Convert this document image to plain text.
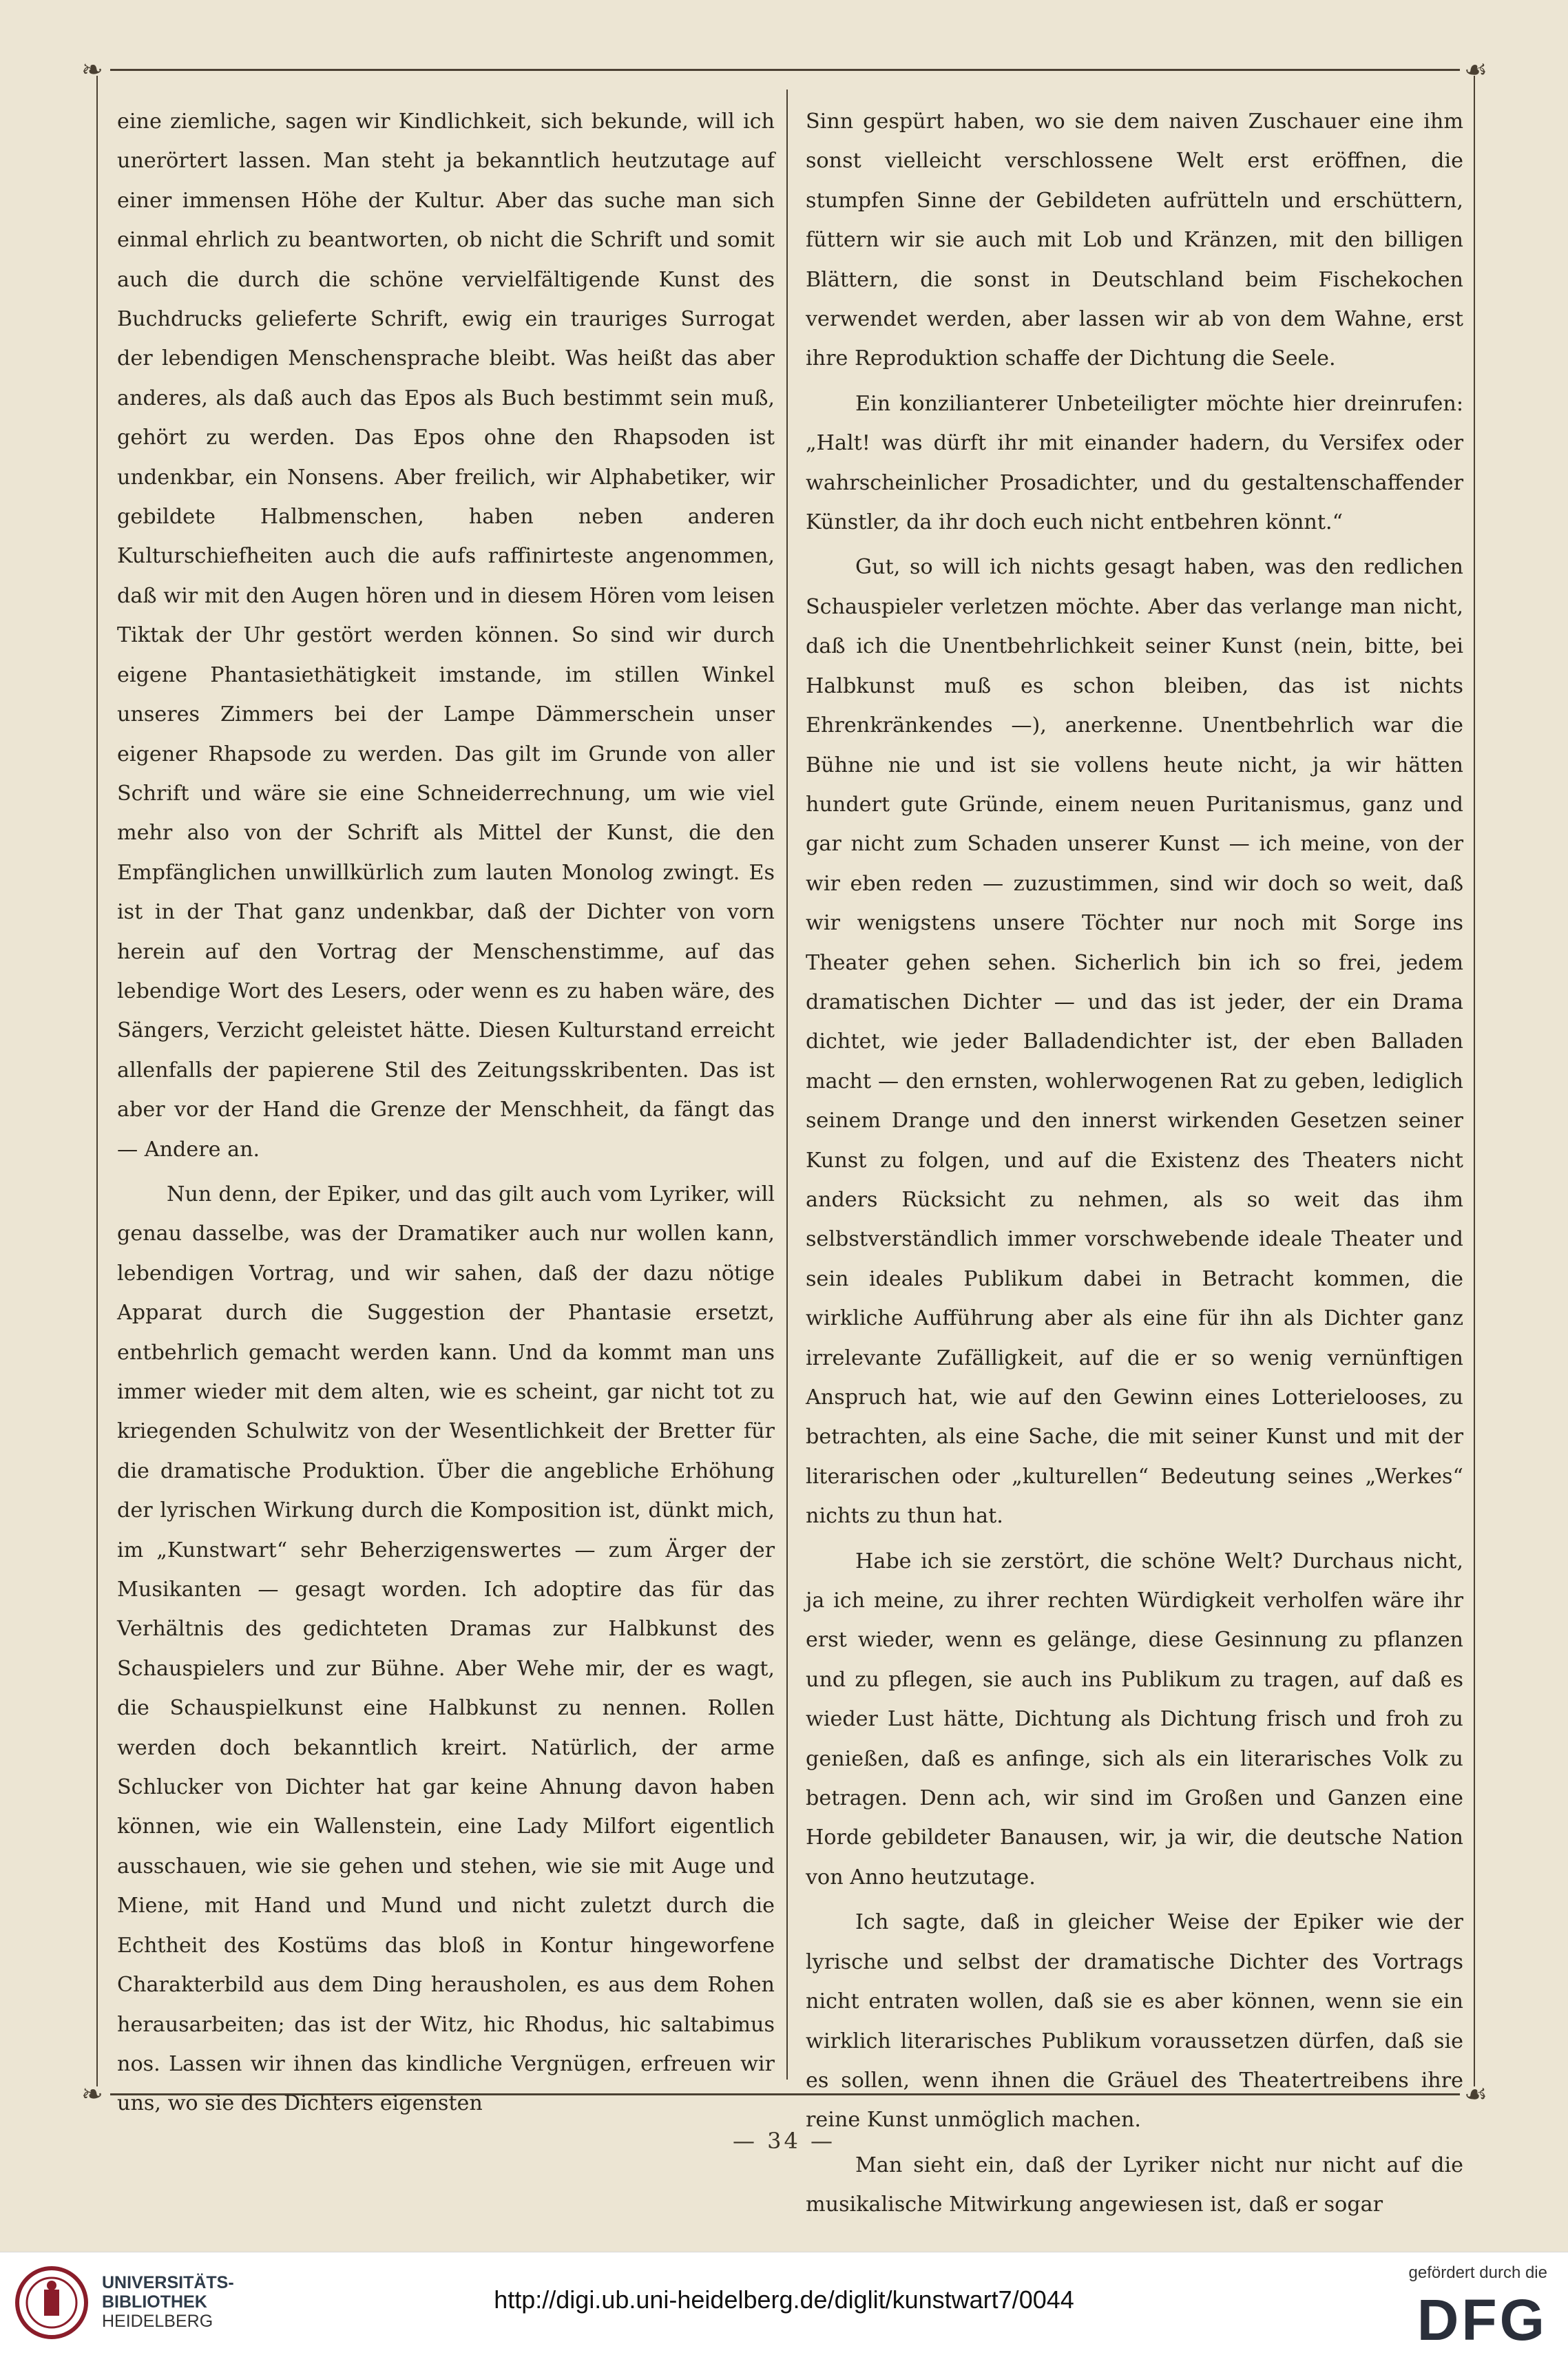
❧	☙
❧	☙

eine ziemliche, sagen wir Kindlichkeit, sich bekunde, will ich unerörtert lassen. Man steht ja bekanntlich heutzutage auf einer immensen Höhe der Kultur. Aber das suche man sich einmal ehrlich zu beantworten, ob nicht die Schrift und somit auch die durch die schöne vervielfältigende Kunst des Buchdrucks gelieferte Schrift, ewig ein trauriges Surrogat der lebendigen Menschensprache bleibt. Was heißt das aber anderes, als daß auch das Epos als Buch bestimmt sein muß, gehört zu werden. Das Epos ohne den Rhapsoden ist undenkbar, ein Nonsens. Aber freilich, wir Alphabetiker, wir gebildete Halbmenschen, haben neben anderen Kulturschiefheiten auch die aufs raffinirteste angenommen, daß wir mit den Augen hören und in diesem Hören vom leisen Tiktak der Uhr gestört werden können. So sind wir durch eigene Phantasiethätigkeit imstande, im stillen Winkel unseres Zimmers bei der Lampe Dämmerschein unser eigener Rhapsode zu werden. Das gilt im Grunde von aller Schrift und wäre sie eine Schneiderrechnung, um wie viel mehr also von der Schrift als Mittel der Kunst, die den Empfänglichen unwillkürlich zum lauten Monolog zwingt. Es ist in der That ganz undenkbar, daß der Dichter von vorn herein auf den Vortrag der Menschenstimme, auf das lebendige Wort des Lesers, oder wenn es zu haben wäre, des Sängers, Verzicht geleistet hätte. Diesen Kulturstand erreicht allenfalls der papierene Stil des Zeitungsskribenten. Das ist aber vor der Hand die Grenze der Menschheit, da fängt das — Andere an.

Nun denn, der Epiker, und das gilt auch vom Lyriker, will genau dasselbe, was der Dramatiker auch nur wollen kann, lebendigen Vortrag, und wir sahen, daß der dazu nötige Apparat durch die Suggestion der Phantasie ersetzt, entbehrlich gemacht werden kann. Und da kommt man uns immer wieder mit dem alten, wie es scheint, gar nicht tot zu kriegenden Schulwitz von der Wesentlichkeit der Bretter für die dramatische Produktion. Über die angebliche Erhöhung der lyrischen Wirkung durch die Komposition ist, dünkt mich, im „Kunstwart“ sehr Beherzigenswertes — zum Ärger der Musikanten — gesagt worden. Ich adoptire das für das Verhältnis des gedichteten Dramas zur Halbkunst des Schauspielers und zur Bühne. Aber Wehe mir, der es wagt, die Schauspielkunst eine Halbkunst zu nennen. Rollen werden doch bekanntlich kreirt. Natürlich, der arme Schlucker von Dichter hat gar keine Ahnung davon haben können, wie ein Wallenstein, eine Lady Milfort eigentlich ausschauen, wie sie gehen und stehen, wie sie mit Auge und Miene, mit Hand und Mund und nicht zuletzt durch die Echtheit des Kostüms das bloß in Kontur hingeworfene Charakterbild aus dem Ding herausholen, es aus dem Rohen herausarbeiten; das ist der Witz, hic Rhodus, hic saltabimus nos. Lassen wir ihnen das kindliche Vergnügen, erfreuen wir uns, wo sie des Dichters eigensten

Sinn gespürt haben, wo sie dem naiven Zuschauer eine ihm sonst vielleicht verschlossene Welt erst eröffnen, die stumpfen Sinne der Gebildeten aufrütteln und erschüttern, füttern wir sie auch mit Lob und Kränzen, mit den billigen Blättern, die sonst in Deutschland beim Fischekochen verwendet werden, aber lassen wir ab von dem Wahne, erst ihre Reproduktion schaffe der Dichtung die Seele.

Ein konzilianterer Unbeteiligter möchte hier dreinrufen: „Halt! was dürft ihr mit einander hadern, du Versifex oder wahrscheinlicher Prosadichter, und du gestaltenschaffender Künstler, da ihr doch euch nicht entbehren könnt.“

Gut, so will ich nichts gesagt haben, was den redlichen Schauspieler verletzen möchte. Aber das verlange man nicht, daß ich die Unentbehrlichkeit seiner Kunst (nein, bitte, bei Halbkunst muß es schon bleiben, das ist nichts Ehrenkränkendes —), anerkenne. Unentbehrlich war die Bühne nie und ist sie vollens heute nicht, ja wir hätten hundert gute Gründe, einem neuen Puritanismus, ganz und gar nicht zum Schaden unserer Kunst — ich meine, von der wir eben reden — zuzustimmen, sind wir doch so weit, daß wir wenigstens unsere Töchter nur noch mit Sorge ins Theater gehen sehen. Sicherlich bin ich so frei, jedem dramatischen Dichter — und das ist jeder, der ein Drama dichtet, wie jeder Balladendichter ist, der eben Balladen macht — den ernsten, wohlerwogenen Rat zu geben, lediglich seinem Drange und den innerst wirkenden Gesetzen seiner Kunst zu folgen, und auf die Existenz des Theaters nicht anders Rücksicht zu nehmen, als so weit das ihm selbstverständlich immer vorschwebende ideale Theater und sein ideales Publikum dabei in Betracht kommen, die wirkliche Aufführung aber als eine für ihn als Dichter ganz irrelevante Zufälligkeit, auf die er so wenig vernünftigen Anspruch hat, wie auf den Gewinn eines Lotterielooses, zu betrachten, als eine Sache, die mit seiner Kunst und mit der literarischen oder „kulturellen“ Bedeutung seines „Werkes“ nichts zu thun hat.

Habe ich sie zerstört, die schöne Welt? Durchaus nicht, ja ich meine, zu ihrer rechten Würdigkeit verholfen wäre ihr erst wieder, wenn es gelänge, diese Gesinnung zu pflanzen und zu pflegen, sie auch ins Publikum zu tragen, auf daß es wieder Lust hätte, Dichtung als Dichtung frisch und froh zu genießen, daß es anfinge, sich als ein literarisches Volk zu betragen. Denn ach, wir sind im Großen und Ganzen eine Horde gebildeter Banausen, wir, ja wir, die deutsche Nation von Anno heutzutage.

Ich sagte, daß in gleicher Weise der Epiker wie der lyrische und selbst der dramatische Dichter des Vortrags nicht entraten wollen, daß sie es aber können, wenn sie ein wirklich literarisches Publikum voraussetzen dürfen, daß sie es sollen, wenn ihnen die Gräuel des Theatertreibens ihre reine Kunst unmöglich machen.

Man sieht ein, daß der Lyriker nicht nur nicht auf die musikalische Mitwirkung angewiesen ist, daß er sogar

— 34 —
UNIVERSITÄTS-
BIBLIOTHEK
HEIDELBERG
http://digi.ub.uni-heidelberg.de/diglit/kunstwart7/0044
gefördert durch die
DFG
